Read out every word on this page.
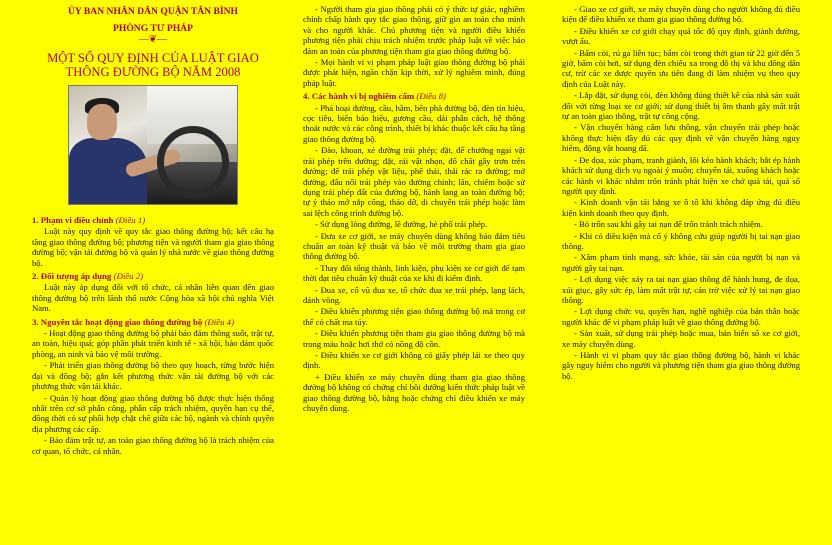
ỦY BAN NHÂN DÂN QUẬN TÂN BÌNH
PHÒNG TƯ PHÁP
—❦—
MỘT SỐ QUY ĐỊNH CỦA LUẬT GIAO
THÔNG ĐƯỜNG BỘ NĂM 2008
1. Phạm vi điều chỉnh (Điều 1)

Luật này quy định về quy tắc giao thông đường bộ; kết cấu hạ tầng giao thông đường bộ; phương tiện và người tham gia giao thông đường bộ; vận tải đường bộ và quản lý nhà nước về giao thông đường bộ.

2. Đối tượng áp dụng (Điều 2)

Luật này áp dụng đối với tổ chức, cá nhân liên quan đến giao thông đường bộ trên lãnh thổ nước Cộng hòa xã hội chủ nghĩa Việt Nam.

3. Nguyên tắc hoạt động giao thông đường bộ (Điều 4)

- Hoạt động giao thông đường bộ phải bảo đảm thông suốt, trật tự, an toàn, hiệu quả; góp phần phát triển kinh tế - xã hội, bảo đảm quốc phòng, an ninh và bảo vệ môi trường.

- Phát triển giao thông đường bộ theo quy hoạch, từng bước hiện đại và đồng bộ; gắn kết phương thức vận tải đường bộ với các phương thức vận tải khác.

- Quản lý hoạt động giao thông đường bộ được thực hiện thống nhất trên cơ sở phân công, phân cấp trách nhiệm, quyền hạn cụ thể, đồng thời có sự phối hợp chặt chẽ giữa các bộ, ngành và chính quyền địa phương các cấp.

- Bảo đảm trật tự, an toàn giao thông đường bộ là trách nhiệm của cơ quan, tổ chức, cá nhân.

- Người tham gia giao thông phải có ý thức tự giác, nghiêm chỉnh chấp hành quy tắc giao thông, giữ gìn an toàn cho mình và cho người khác. Chủ phương tiện và người điều khiển phương tiện phải chịu trách nhiệm trước pháp luật về việc bảo đảm an toàn của phương tiện tham gia giao thông đường bộ.

- Mọi hành vi vi phạm pháp luật giao thông đường bộ phải được phát hiện, ngăn chặn kịp thời, xử lý nghiêm minh, đúng pháp luật.

4. Các hành vi bị nghiêm cấm (Điều 8)

- Phá hoại đường, cầu, hầm, bến phà đường bộ, đèn tín hiệu, cọc tiêu, biển báo hiệu, gương cầu, dải phân cách, hệ thống thoát nước và các công trình, thiết bị khác thuộc kết cấu hạ tầng giao thông đường bộ.

- Đào, khoan, xẻ đường trái phép; đặt, để chướng ngại vật trái phép trên đường; đặt, rải vật nhọn, đổ chất gây trơn trên đường; để trái phép vật liệu, phế thải, thải rác ra đường; mở đường, đấu nối trái phép vào đường chính; lấn, chiếm hoặc sử dụng trái phép đất của đường bộ, hành lang an toàn đường bộ; tự ý tháo mở nắp cống, tháo dỡ, di chuyển trái phép hoặc làm sai lệch công trình đường bộ.

- Sử dụng lòng đường, lề đường, hè phố trái phép.

- Đưa xe cơ giới, xe máy chuyên dùng không bảo đảm tiêu chuẩn an toàn kỹ thuật và bảo vệ môi trường tham gia giao thông đường bộ.

- Thay đổi tổng thành, linh kiện, phụ kiện xe cơ giới để tạm thời đạt tiêu chuẩn kỹ thuật của xe khi đi kiểm định.

- Đua xe, cổ vũ đua xe, tổ chức đua xe trái phép, lạng lách, đánh võng.

- Điều khiển phương tiện giao thông đường bộ mà trong cơ thể có chất ma túy.

- Điều khiển phương tiện tham gia giao thông đường bộ mà trong máu hoặc hơi thở có nồng độ cồn.

- Điều khiển xe cơ giới không có giấy phép lái xe theo quy định.

+ Điều khiển xe máy chuyên dùng tham gia giao thông đường bộ không có chứng chỉ bồi dưỡng kiến thức pháp luật về giao thông đường bộ, bằng hoặc chứng chỉ điều khiển xe máy chuyên dùng.

- Giao xe cơ giới, xe máy chuyên dùng cho người không đủ điều kiện để điều khiển xe tham gia giao thông đường bộ.

- Điều khiển xe cơ giới chạy quá tốc độ quy định, giành đường, vượt ẩu.

- Bấm còi, rú ga liên tục; bấm còi trong thời gian từ 22 giờ đến 5 giờ, bấm còi hơi, sử dụng đèn chiếu xa trong đô thị và khu đông dân cư, trừ các xe được quyền ưu tiên đang đi làm nhiệm vụ theo quy định của Luật này.

- Lắp đặt, sử dụng còi, đèn không đúng thiết kế của nhà sản xuất đối với từng loại xe cơ giới; sử dụng thiết bị âm thanh gây mất trật tự an toàn giao thông, trật tự công cộng.

- Vận chuyển hàng cấm lưu thông, vận chuyển trái phép hoặc không thực hiện đầy đủ các quy định về vận chuyển hàng nguy hiểm, động vật hoang dã.

- Đe dọa, xúc phạm, tranh giành, lôi kéo hành khách; bắt ép hành khách sử dụng dịch vụ ngoài ý muốn; chuyển tải, xuống khách hoặc các hành vi khác nhằm trốn tránh phát hiện xe chở quá tải, quá số người quy định.

- Kinh doanh vận tải bằng xe ô tô khi không đáp ứng đủ điều kiện kinh doanh theo quy định.

- Bỏ trốn sau khi gây tai nạn để trốn tránh trách nhiệm.

- Khi có điều kiện mà cố ý không cứu giúp người bị tai nạn giao thông.

- Xâm phạm tính mạng, sức khỏe, tài sản của người bị nạn và người gây tai nạn.

- Lợi dụng việc xảy ra tai nạn giao thông để hành hung, đe dọa, xúi giục, gây sức ép, làm mất trật tự, cản trở việc xử lý tai nạn giao thông.

- Lợi dụng chức vụ, quyền hạn, nghề nghiệp của bản thân hoặc người khác để vi phạm pháp luật về giao thông đường bộ.

- Sản xuất, sử dụng trái phép hoặc mua, bán biển số xe cơ giới, xe máy chuyên dùng.

- Hành vi vi phạm quy tắc giao thông đường bộ, hành vi khác gây nguy hiểm cho người và phương tiện tham gia giao thông đường bộ.
